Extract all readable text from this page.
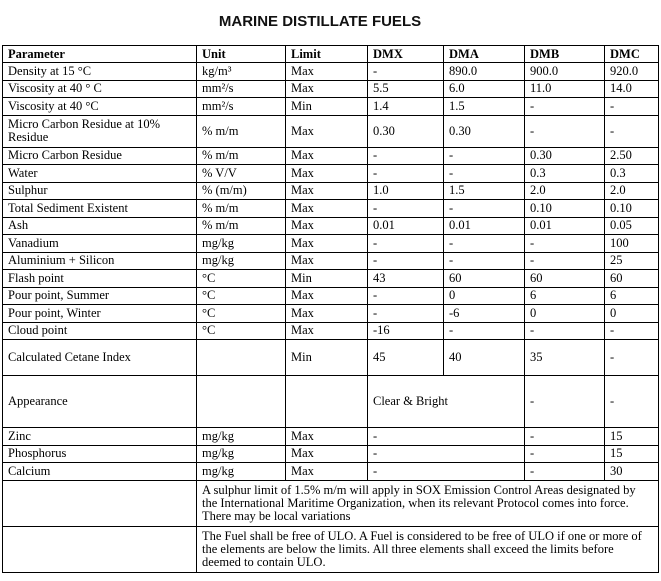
MARINE DISTILLATE FUELS
Parameter	Unit	Limit	DMX	DMA	DMB	DMC
Density at 15 °C	kg/m³	Max	-	890.0	900.0	920.0
Viscosity at 40 ° C	mm²/s	Max	5.5	6.0	11.0	14.0
Viscosity at 40 °C	mm²/s	Min	1.4	1.5	-	-
Micro Carbon Residue at 10% Residue	% m/m	Max	0.30	0.30	-	-
Micro Carbon Residue	% m/m	Max	-	-	0.30	2.50
Water	% V/V	Max	-	-	0.3	0.3
Sulphur	% (m/m)	Max	1.0	1.5	2.0	2.0
Total Sediment Existent	% m/m	Max	-	-	0.10	0.10
Ash	% m/m	Max	0.01	0.01	0.01	0.05
Vanadium	mg/kg	Max	-	-	-	100
Aluminium + Silicon	mg/kg	Max	-	-	-	25
Flash point	°C	Min	43	60	60	60
Pour point, Summer	°C	Max	-	0	6	6
Pour point, Winter	°C	Max	-	-6	0	0
Cloud point	°C	Max	-16	-	-	-
Calculated Cetane Index		Min	45	40	35	-
Appearance			Clear & Bright		-	-
Zinc	mg/kg	Max	-		-	15
Phosphorus	mg/kg	Max	-		-	15
Calcium	mg/kg	Max	-		-	30
	A sulphur limit of 1.5% m/m will apply in SOX Emission Control Areas designated by the International Maritime Organization, when its relevant Protocol comes into force. There may be local variations					
	The Fuel shall be free of ULO. A Fuel is considered to be free of ULO if one or more of the elements are below the limits. All three elements shall exceed the limits before deemed to contain ULO.					
